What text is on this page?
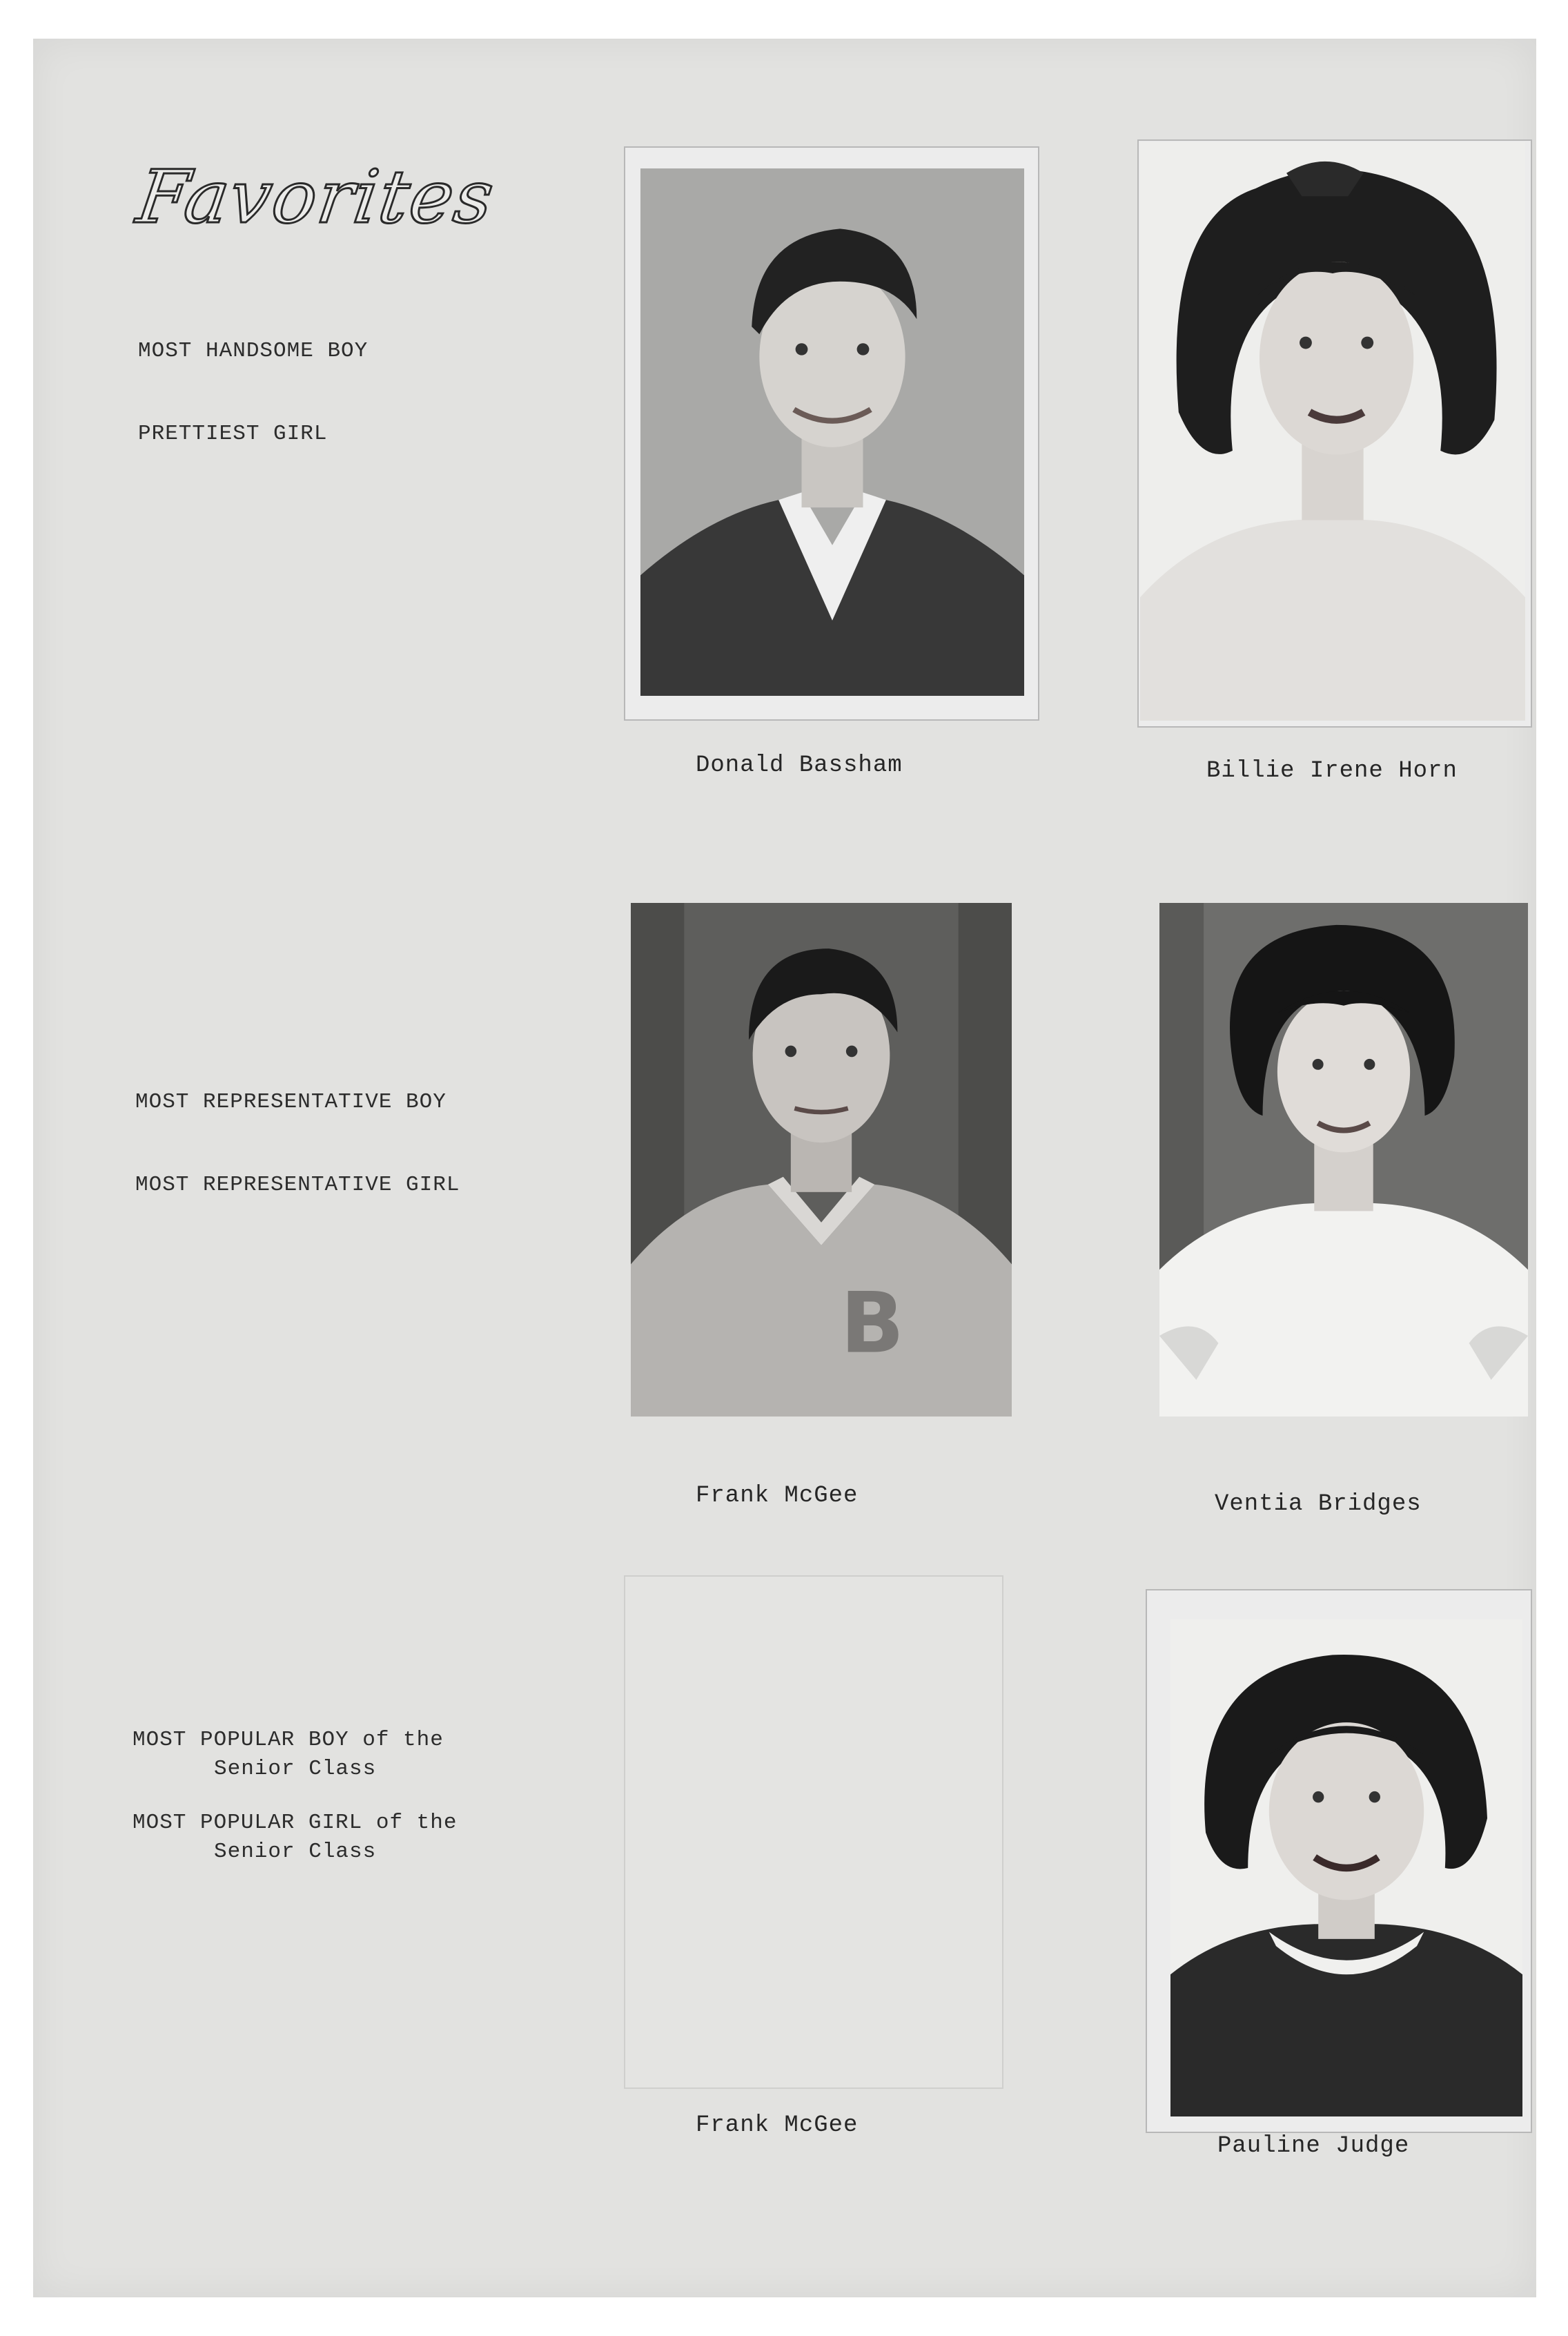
Favorites
MOST HANDSOME BOY
PRETTIEST GIRL
MOST REPRESENTATIVE BOY
MOST REPRESENTATIVE GIRL
MOST POPULAR BOY of the
Senior Class
MOST POPULAR GIRL of the
Senior Class
Donald Bassham	Billie Irene Horn
B
Frank McGee	Ventia Bridges
Frank McGee
Pauline Judge
